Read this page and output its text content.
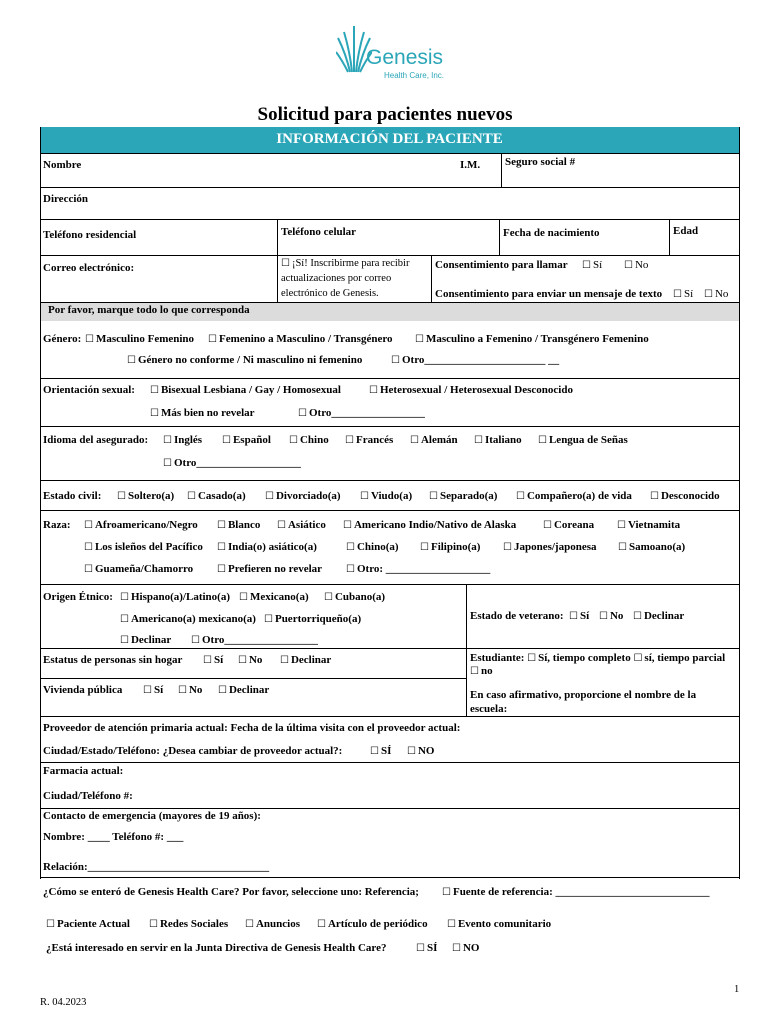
Genesis
Health Care, Inc.
Solicitud para pacientes nuevos
INFORMACIÓN DEL PACIENTE
Nombre	I.M. Seguro social #
Dirección
Teléfono residencial	Teléfono celular	Fecha de nacimiento	Edad
Correo electrónico:	☐ ¡Sí! Inscribirme para recibir
actualizaciones por correo
electrónico de Genesis.
Consentimiento para llamar	☐ Sí	☐ No
Consentimiento para enviar un mensaje de texto	☐ Sí	☐ No
Por favor, marque todo lo que corresponda
Género:	☐ Masculino Femenino	☐ Femenino a Masculino / Transgénero	☐ Masculino a Femenino / Transgénero Femenino
☐ Género no conforme / Ni masculino ni femenino	☐ Otro______________________ __
Orientación sexual:	☐ Bisexual Lesbiana / Gay / Homosexual	☐ Heterosexual / Heterosexual Desconocido
☐ Más bien no revelar	☐ Otro_________________
Idioma del asegurado:	☐ Inglés	☐ Español	☐ Chino	☐ Francés	☐ Alemán	☐ Italiano	☐ Lengua de Señas
☐ Otro___________________
Estado civil:	☐ Soltero(a)	☐ Casado(a)	☐ Divorciado(a)	☐ Viudo(a)	☐ Separado(a)	☐ Compañero(a) de vida	☐ Desconocido
Raza:	☐ Afroamericano/Negro	☐ Blanco	☐ Asiático	☐ Americano Indio/Nativo de Alaska	☐ Coreana	☐ Vietnamita
☐ Los isleños del Pacífico	☐ India(o) asiático(a)	☐ Chino(a)	☐ Filipino(a)	☐ Japones/japonesa	☐ Samoano(a)
☐ Guameña/Chamorro	☐ Prefieren no revelar	☐ Otro: ___________________
Origen Étnico:	☐ Hispano(a)/Latino(a)	☐ Mexicano(a)	☐ Cubano(a)
☐ Americano(a) mexicano(a)	☐ Puertorriqueño(a)
☐ Declinar	☐ Otro_________________
Estado de veterano:	☐ Sí	☐ No	☐ Declinar
Estatus de personas sin hogar	☐ Sí	☐ No	☐ Declinar	Estudiante: ☐ Sí, tiempo completo ☐ sí, tiempo parcial
☐ no
Vivienda pública	☐ Sí	☐ No	☐ Declinar	En caso afirmativo, proporcione el nombre de la
escuela:
Proveedor de atención primaria actual: Fecha de la última visita con el proveedor actual:
Ciudad/Estado/Teléfono: ¿Desea cambiar de proveedor actual?:	☐ SÍ	☐ NO
Farmacia actual:
Ciudad/Teléfono #:
Contacto de emergencia (mayores de 19 años):
Nombre: ____ Teléfono #: ___
Relación:_________________________________
¿Cómo se enteró de Genesis Health Care? Por favor, seleccione uno: Referencia;	☐ Fuente de referencia: ____________________________
☐ Paciente Actual	☐ Redes Sociales	☐ Anuncios	☐ Artículo de periódico	☐ Evento comunitario
¿Está interesado en servir en la Junta Directiva de Genesis Health Care?	☐ SÍ	☐ NO
1
R. 04.2023
